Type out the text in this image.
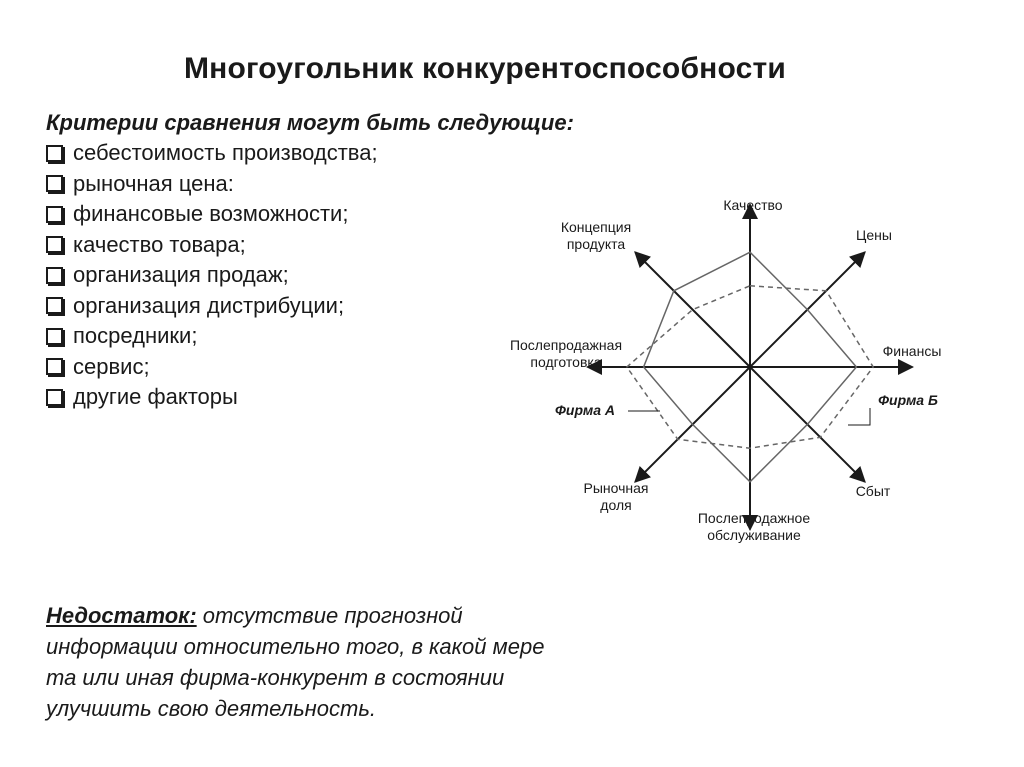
Многоугольник конкурентоспособности
Критерии сравнения могут быть следующие:
себестоимость производства;
рыночная цена:
финансовые возможности;
качество товара;
организация продаж;
организация дистрибуции;
посредники;
сервис;
другие факторы
Качество
Цены
Финансы
Сбыт
Послепродажное обслуживание
Рыночная доля
Послепродажная подготовка
Концепция продукта
Фирма А
Фирма Б
Недостаток: отсутствие прогнозной информации относительно того, в какой мере та или иная фирма-конкурент в состоянии улучшить свою деятельность.
